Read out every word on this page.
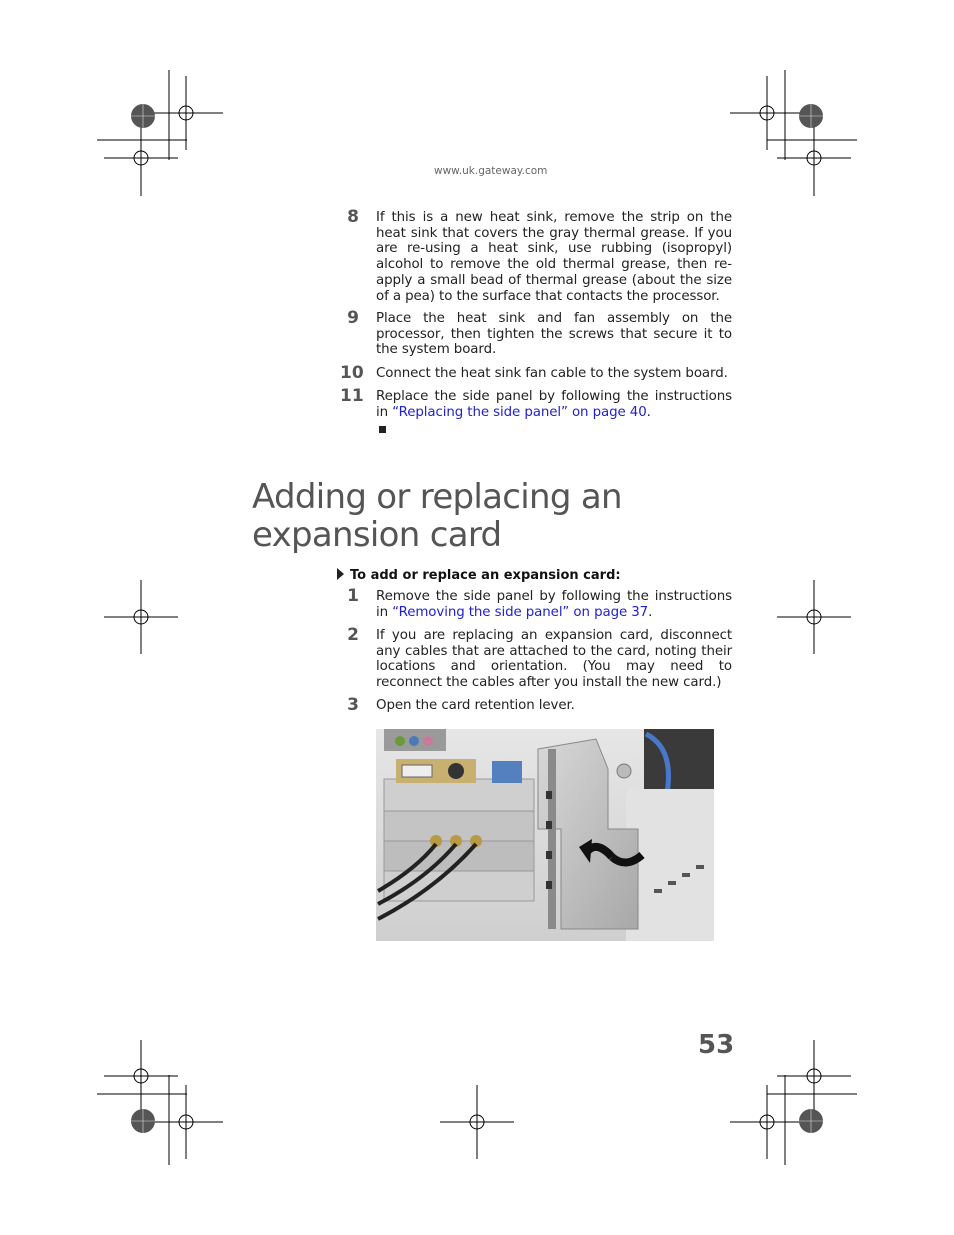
www.uk.gateway.com
8 If this is a new heat sink, remove the strip on the heat sink that covers the gray thermal grease. If you are re-using a heat sink, use rubbing (isopropyl) alcohol to remove the old thermal grease, then re-apply a small bead of thermal grease (about the size of a pea) to the surface that contacts the processor.
9 Place the heat sink and fan assembly on the processor, then tighten the screws that secure it to the system board.
10 Connect the heat sink fan cable to the system board.
11 Replace the side panel by following the instructions in “Replacing the side panel” on page 40.
Adding or replacing an expansion card
To add or replace an expansion card:
1 Remove the side panel by following the instructions in “Removing the side panel” on page 37.
2 If you are replacing an expansion card, disconnect any cables that are attached to the card, noting their locations and orientation. (You may need to reconnect the cables after you install the new card.)
3 Open the card retention lever.
53
